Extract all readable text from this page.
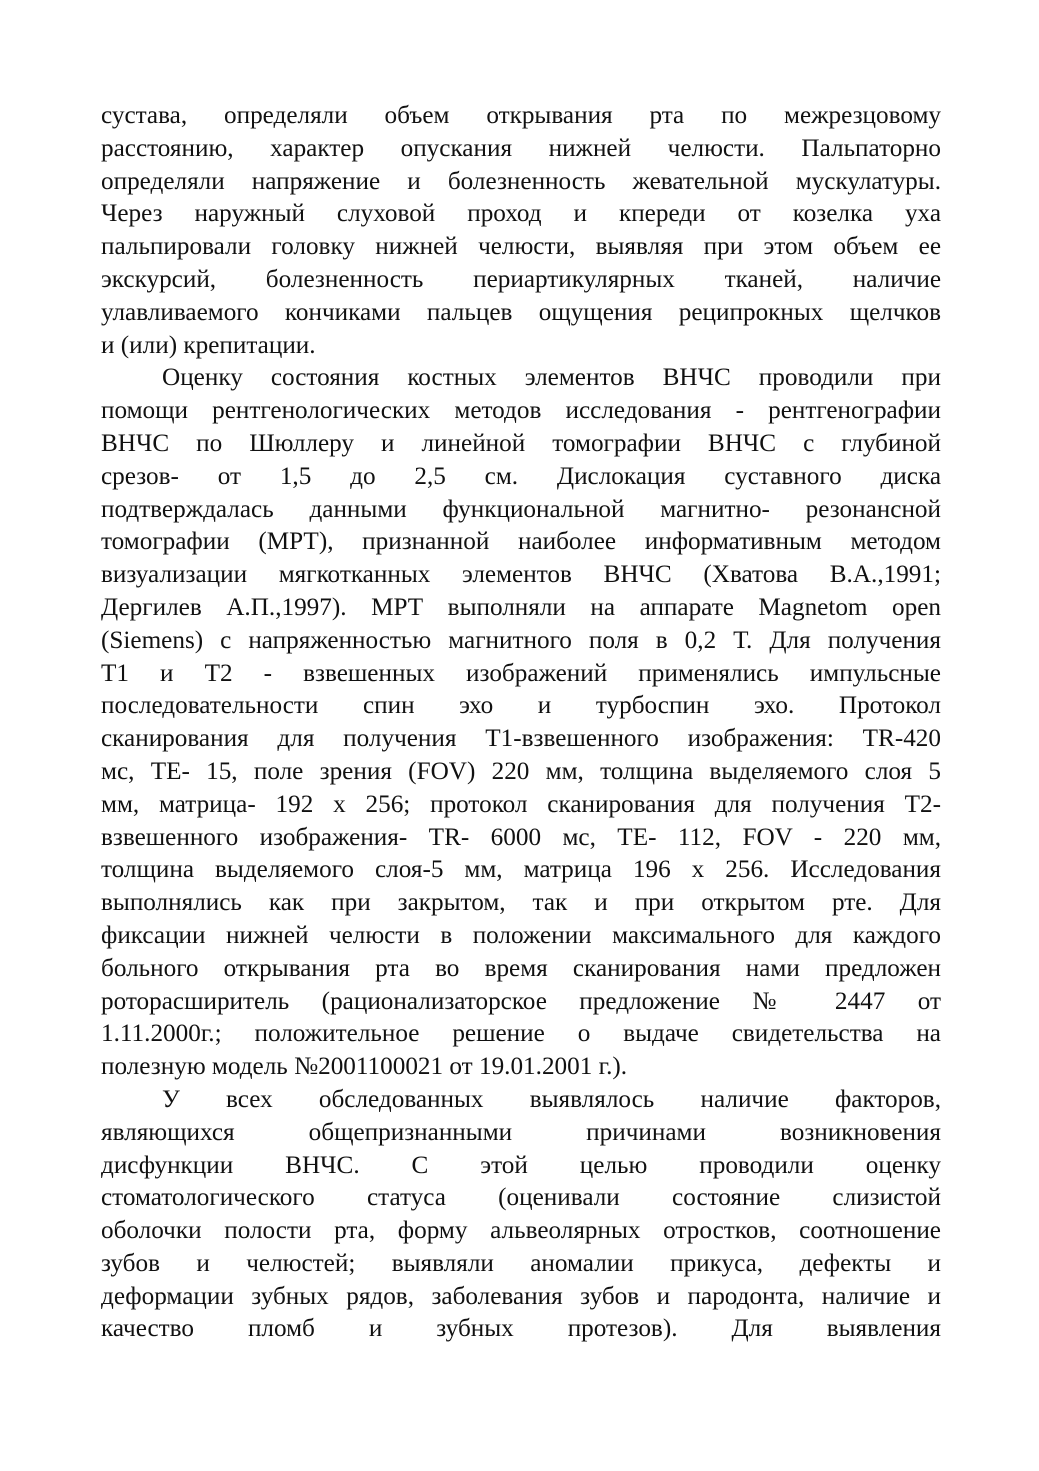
сустава, определяли объем открывания рта по межрезцовому
расстоянию, характер опускания нижней челюсти. Пальпаторно
определяли напряжение и болезненность жевательной мускулатуры.
Через наружный слуховой проход и кпереди от козелка уха
пальпировали головку нижней челюсти, выявляя при этом объем ее
экскурсий, болезненность периартикулярных тканей, наличие
улавливаемого кончиками пальцев ощущения реципрокных щелчков
и (или) крепитации.
Оценку состояния костных элементов ВНЧС проводили при
помощи рентгенологических методов исследования - рентгенографии
ВНЧС по Шюллеру и линейной томографии ВНЧС с глубиной
срезов- от 1,5 до 2,5 см. Дислокация суставного диска
подтверждалась данными функциональной магнитно- резонансной
томографии (МРТ), признанной наиболее информативным методом
визуализации мягкотканных элементов ВНЧС (Хватова В.А.,1991;
Дергилев А.П.,1997). МРТ выполняли на аппарате Magnetom open
(Siemens) с напряженностью магнитного поля в 0,2 Т. Для получения
Т1 и Т2 - взвешенных изображений применялись импульсные
последовательности спин эхо и турбоспин эхо. Протокол
сканирования для получения Т1-взвешенного изображения: TR-420
мс, ТЕ- 15, поле зрения (FOV) 220 мм, толщина выделяемого слоя 5
мм, матрица- 192 х 256; протокол сканирования для получения Т2-
взвешенного изображения- TR- 6000 мс, TE- 112, FOV - 220 мм,
толщина выделяемого слоя-5 мм, матрица 196 х 256. Исследования
выполнялись как при закрытом, так и при открытом рте. Для
фиксации нижней челюсти в положении максимального для каждого
больного открывания рта во время сканирования нами предложен
роторасширитель (рационализаторское предложение № 2447 от
1.11.2000г.; положительное решение о выдаче свидетельства на
полезную модель №2001100021 от 19.01.2001 г.).
У всех обследованных выявлялось наличие факторов,
являющихся общепризнанными причинами возникновения
дисфункции ВНЧС. С этой целью проводили оценку
стоматологического статуса (оценивали состояние слизистой
оболочки полости рта, форму альвеолярных отростков, соотношение
зубов и челюстей; выявляли аномалии прикуса, дефекты и
деформации зубных рядов, заболевания зубов и пародонта, наличие и
качество пломб и зубных протезов). Для выявления
